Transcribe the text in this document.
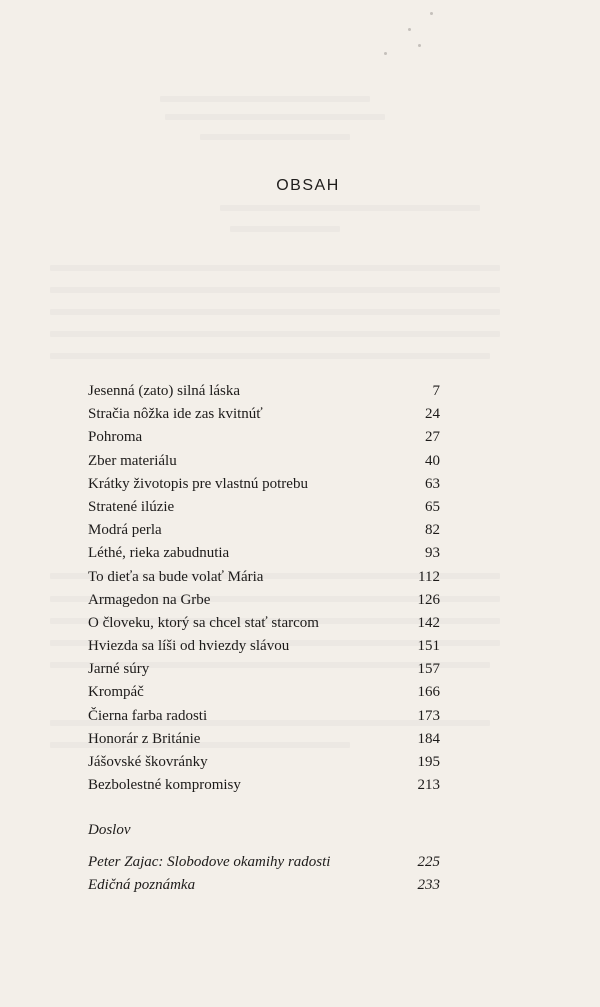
OBSAH
Jesenná (zato) silná láska	7
Stračia nôžka ide zas kvitnúť	24
Pohroma	27
Zber materiálu	40
Krátky životopis pre vlastnú potrebu	63
Stratené ilúzie	65
Modrá perla	82
Léthé, rieka zabudnutia	93
To dieťa sa bude volať Mária	112
Armagedon na Grbe	126
O človeku, ktorý sa chcel stať starcom	142
Hviezda sa líši od hviezdy slávou	151
Jarné súry	157
Krompáč	166
Čierna farba radosti	173
Honorár z Británie	184
Jášovské škovránky	195
Bezbolestné kompromisy	213
Doslov
Peter Zajac: Slobodove okamihy radosti	225
Edičná poznámka	233
